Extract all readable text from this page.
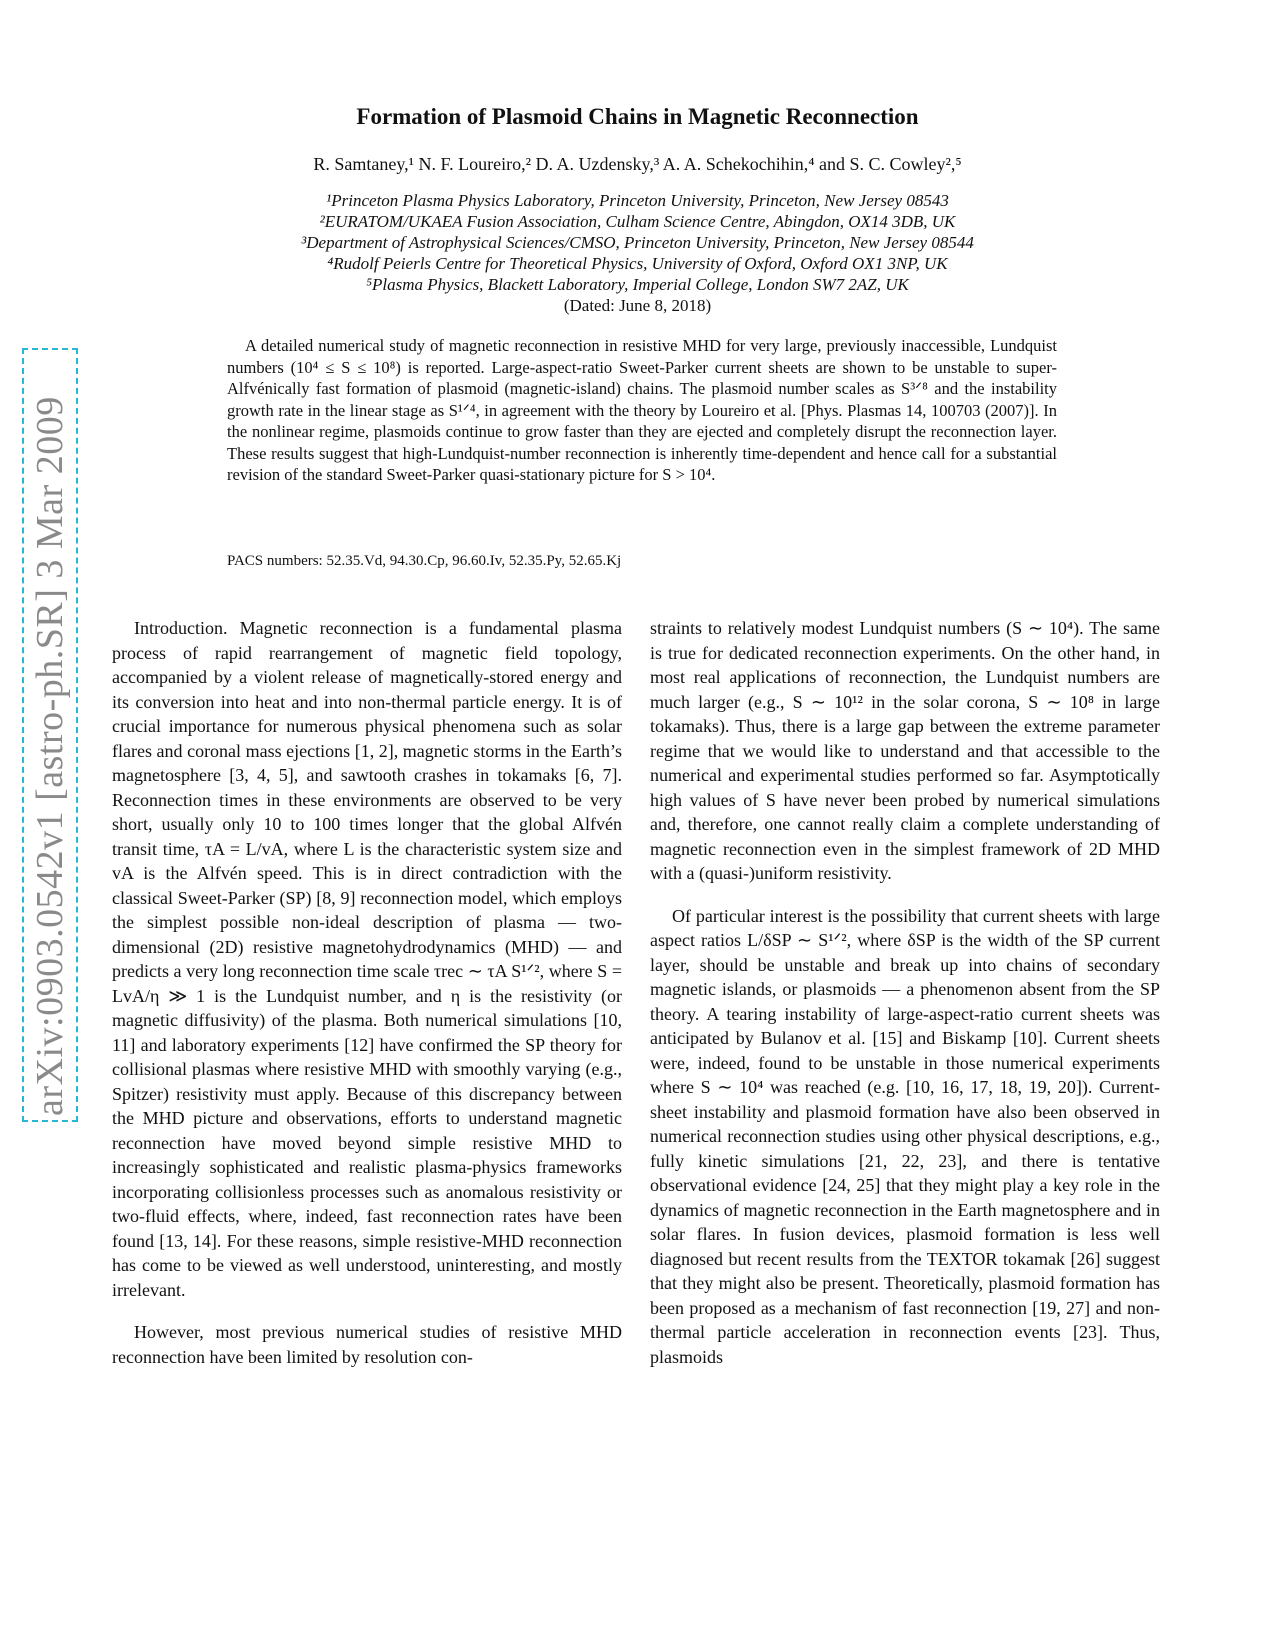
arXiv:0903.0542v1 [astro-ph.SR] 3 Mar 2009
Formation of Plasmoid Chains in Magnetic Reconnection
R. Samtaney,¹ N. F. Loureiro,² D. A. Uzdensky,³ A. A. Schekochihin,⁴ and S. C. Cowley²,⁵
¹Princeton Plasma Physics Laboratory, Princeton University, Princeton, New Jersey 08543
²EURATOM/UKAEA Fusion Association, Culham Science Centre, Abingdon, OX14 3DB, UK
³Department of Astrophysical Sciences/CMSO, Princeton University, Princeton, New Jersey 08544
⁴Rudolf Peierls Centre for Theoretical Physics, University of Oxford, Oxford OX1 3NP, UK
⁵Plasma Physics, Blackett Laboratory, Imperial College, London SW7 2AZ, UK
(Dated: June 8, 2018)
A detailed numerical study of magnetic reconnection in resistive MHD for very large, previously inaccessible, Lundquist numbers (10⁴ ≤ S ≤ 10⁸) is reported. Large-aspect-ratio Sweet-Parker current sheets are shown to be unstable to super-Alfvénically fast formation of plasmoid (magnetic-island) chains. The plasmoid number scales as S³ᐟ⁸ and the instability growth rate in the linear stage as S¹ᐟ⁴, in agreement with the theory by Loureiro et al. [Phys. Plasmas 14, 100703 (2007)]. In the nonlinear regime, plasmoids continue to grow faster than they are ejected and completely disrupt the reconnection layer. These results suggest that high-Lundquist-number reconnection is inherently time-dependent and hence call for a substantial revision of the standard Sweet-Parker quasi-stationary picture for S > 10⁴.
PACS numbers: 52.35.Vd, 94.30.Cp, 96.60.Iv, 52.35.Py, 52.65.Kj

Introduction. Magnetic reconnection is a fundamental plasma process of rapid rearrangement of magnetic field topology, accompanied by a violent release of magnetically-stored energy and its conversion into heat and into non-thermal particle energy. It is of crucial importance for numerous physical phenomena such as solar flares and coronal mass ejections [1, 2], magnetic storms in the Earth’s magnetosphere [3, 4, 5], and sawtooth crashes in tokamaks [6, 7]. Reconnection times in these environments are observed to be very short, usually only 10 to 100 times longer that the global Alfvén transit time, τA = L/vA, where L is the characteristic system size and vA is the Alfvén speed. This is in direct contradiction with the classical Sweet-Parker (SP) [8, 9] reconnection model, which employs the simplest possible non-ideal description of plasma — two-dimensional (2D) resistive magnetohydrodynamics (MHD) — and predicts a very long reconnection time scale τrec ∼ τA S¹ᐟ², where S = LvA/η ≫ 1 is the Lundquist number, and η is the resistivity (or magnetic diffusivity) of the plasma. Both numerical simulations [10, 11] and laboratory experiments [12] have confirmed the SP theory for collisional plasmas where resistive MHD with smoothly varying (e.g., Spitzer) resistivity must apply. Because of this discrepancy between the MHD picture and observations, efforts to understand magnetic reconnection have moved beyond simple resistive MHD to increasingly sophisticated and realistic plasma-physics frameworks incorporating collisionless processes such as anomalous resistivity or two-fluid effects, where, indeed, fast reconnection rates have been found [13, 14]. For these reasons, simple resistive-MHD reconnection has come to be viewed as well understood, uninteresting, and mostly irrelevant.

However, most previous numerical studies of resistive MHD reconnection have been limited by resolution con-

straints to relatively modest Lundquist numbers (S ∼ 10⁴). The same is true for dedicated reconnection experiments. On the other hand, in most real applications of reconnection, the Lundquist numbers are much larger (e.g., S ∼ 10¹² in the solar corona, S ∼ 10⁸ in large tokamaks). Thus, there is a large gap between the extreme parameter regime that we would like to understand and that accessible to the numerical and experimental studies performed so far. Asymptotically high values of S have never been probed by numerical simulations and, therefore, one cannot really claim a complete understanding of magnetic reconnection even in the simplest framework of 2D MHD with a (quasi-)uniform resistivity.

Of particular interest is the possibility that current sheets with large aspect ratios L/δSP ∼ S¹ᐟ², where δSP is the width of the SP current layer, should be unstable and break up into chains of secondary magnetic islands, or plasmoids — a phenomenon absent from the SP theory. A tearing instability of large-aspect-ratio current sheets was anticipated by Bulanov et al. [15] and Biskamp [10]. Current sheets were, indeed, found to be unstable in those numerical experiments where S ∼ 10⁴ was reached (e.g. [10, 16, 17, 18, 19, 20]). Current-sheet instability and plasmoid formation have also been observed in numerical reconnection studies using other physical descriptions, e.g., fully kinetic simulations [21, 22, 23], and there is tentative observational evidence [24, 25] that they might play a key role in the dynamics of magnetic reconnection in the Earth magnetosphere and in solar flares. In fusion devices, plasmoid formation is less well diagnosed but recent results from the TEXTOR tokamak [26] suggest that they might also be present. Theoretically, plasmoid formation has been proposed as a mechanism of fast reconnection [19, 27] and non-thermal particle acceleration in reconnection events [23]. Thus, plasmoids
